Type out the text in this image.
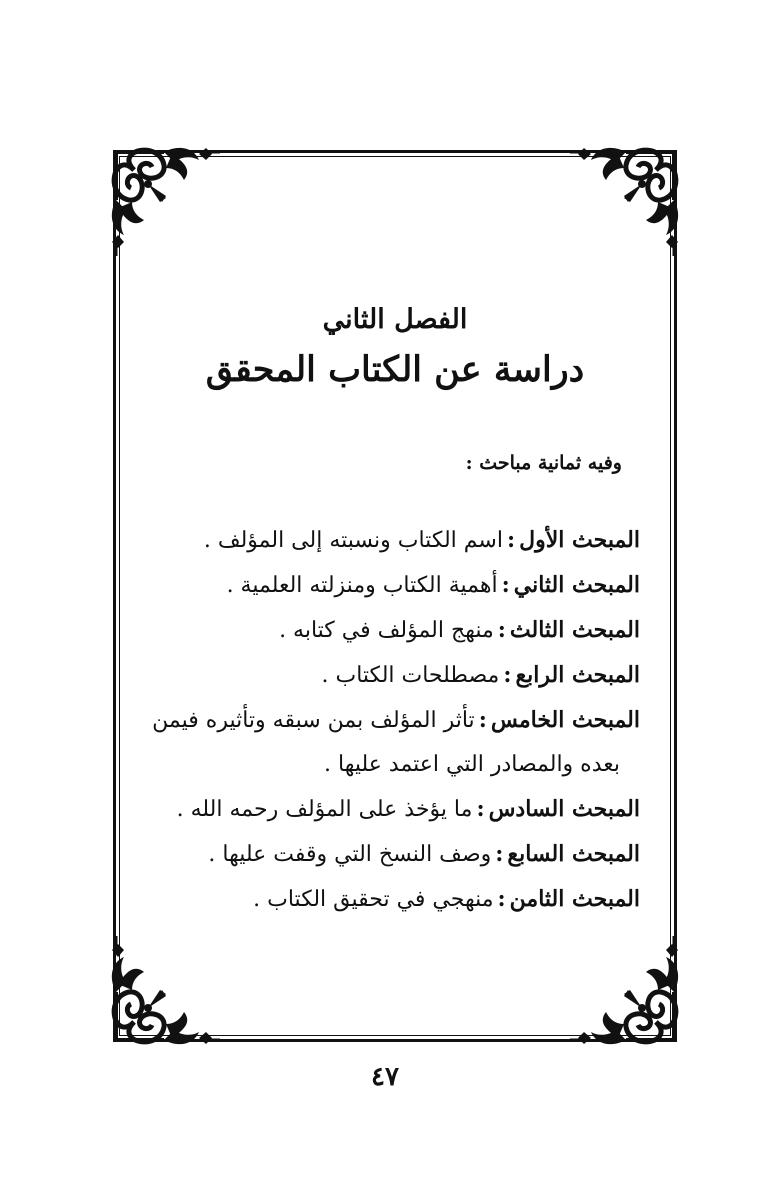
الفصل الثاني
دراسة عن الكتاب المحقق

وفيه ثمانية مباحث :

المبحث الأول:اسم الكتاب ونسبته إلى المؤلف .
المبحث الثاني:أهمية الكتاب ومنزلته العلمية .
المبحث الثالث:منهج المؤلف في كتابه .
المبحث الرابع:مصطلحات الكتاب .
المبحث الخامس:تأثر المؤلف بمن سبقه وتأثيره فيمن
بعده والمصادر التي اعتمد عليها .
المبحث السادس:ما يؤخذ على المؤلف رحمه الله .
المبحث السابع:وصف النسخ التي وقفت عليها .
المبحث الثامن:منهجي في تحقيق الكتاب .
٤٧
